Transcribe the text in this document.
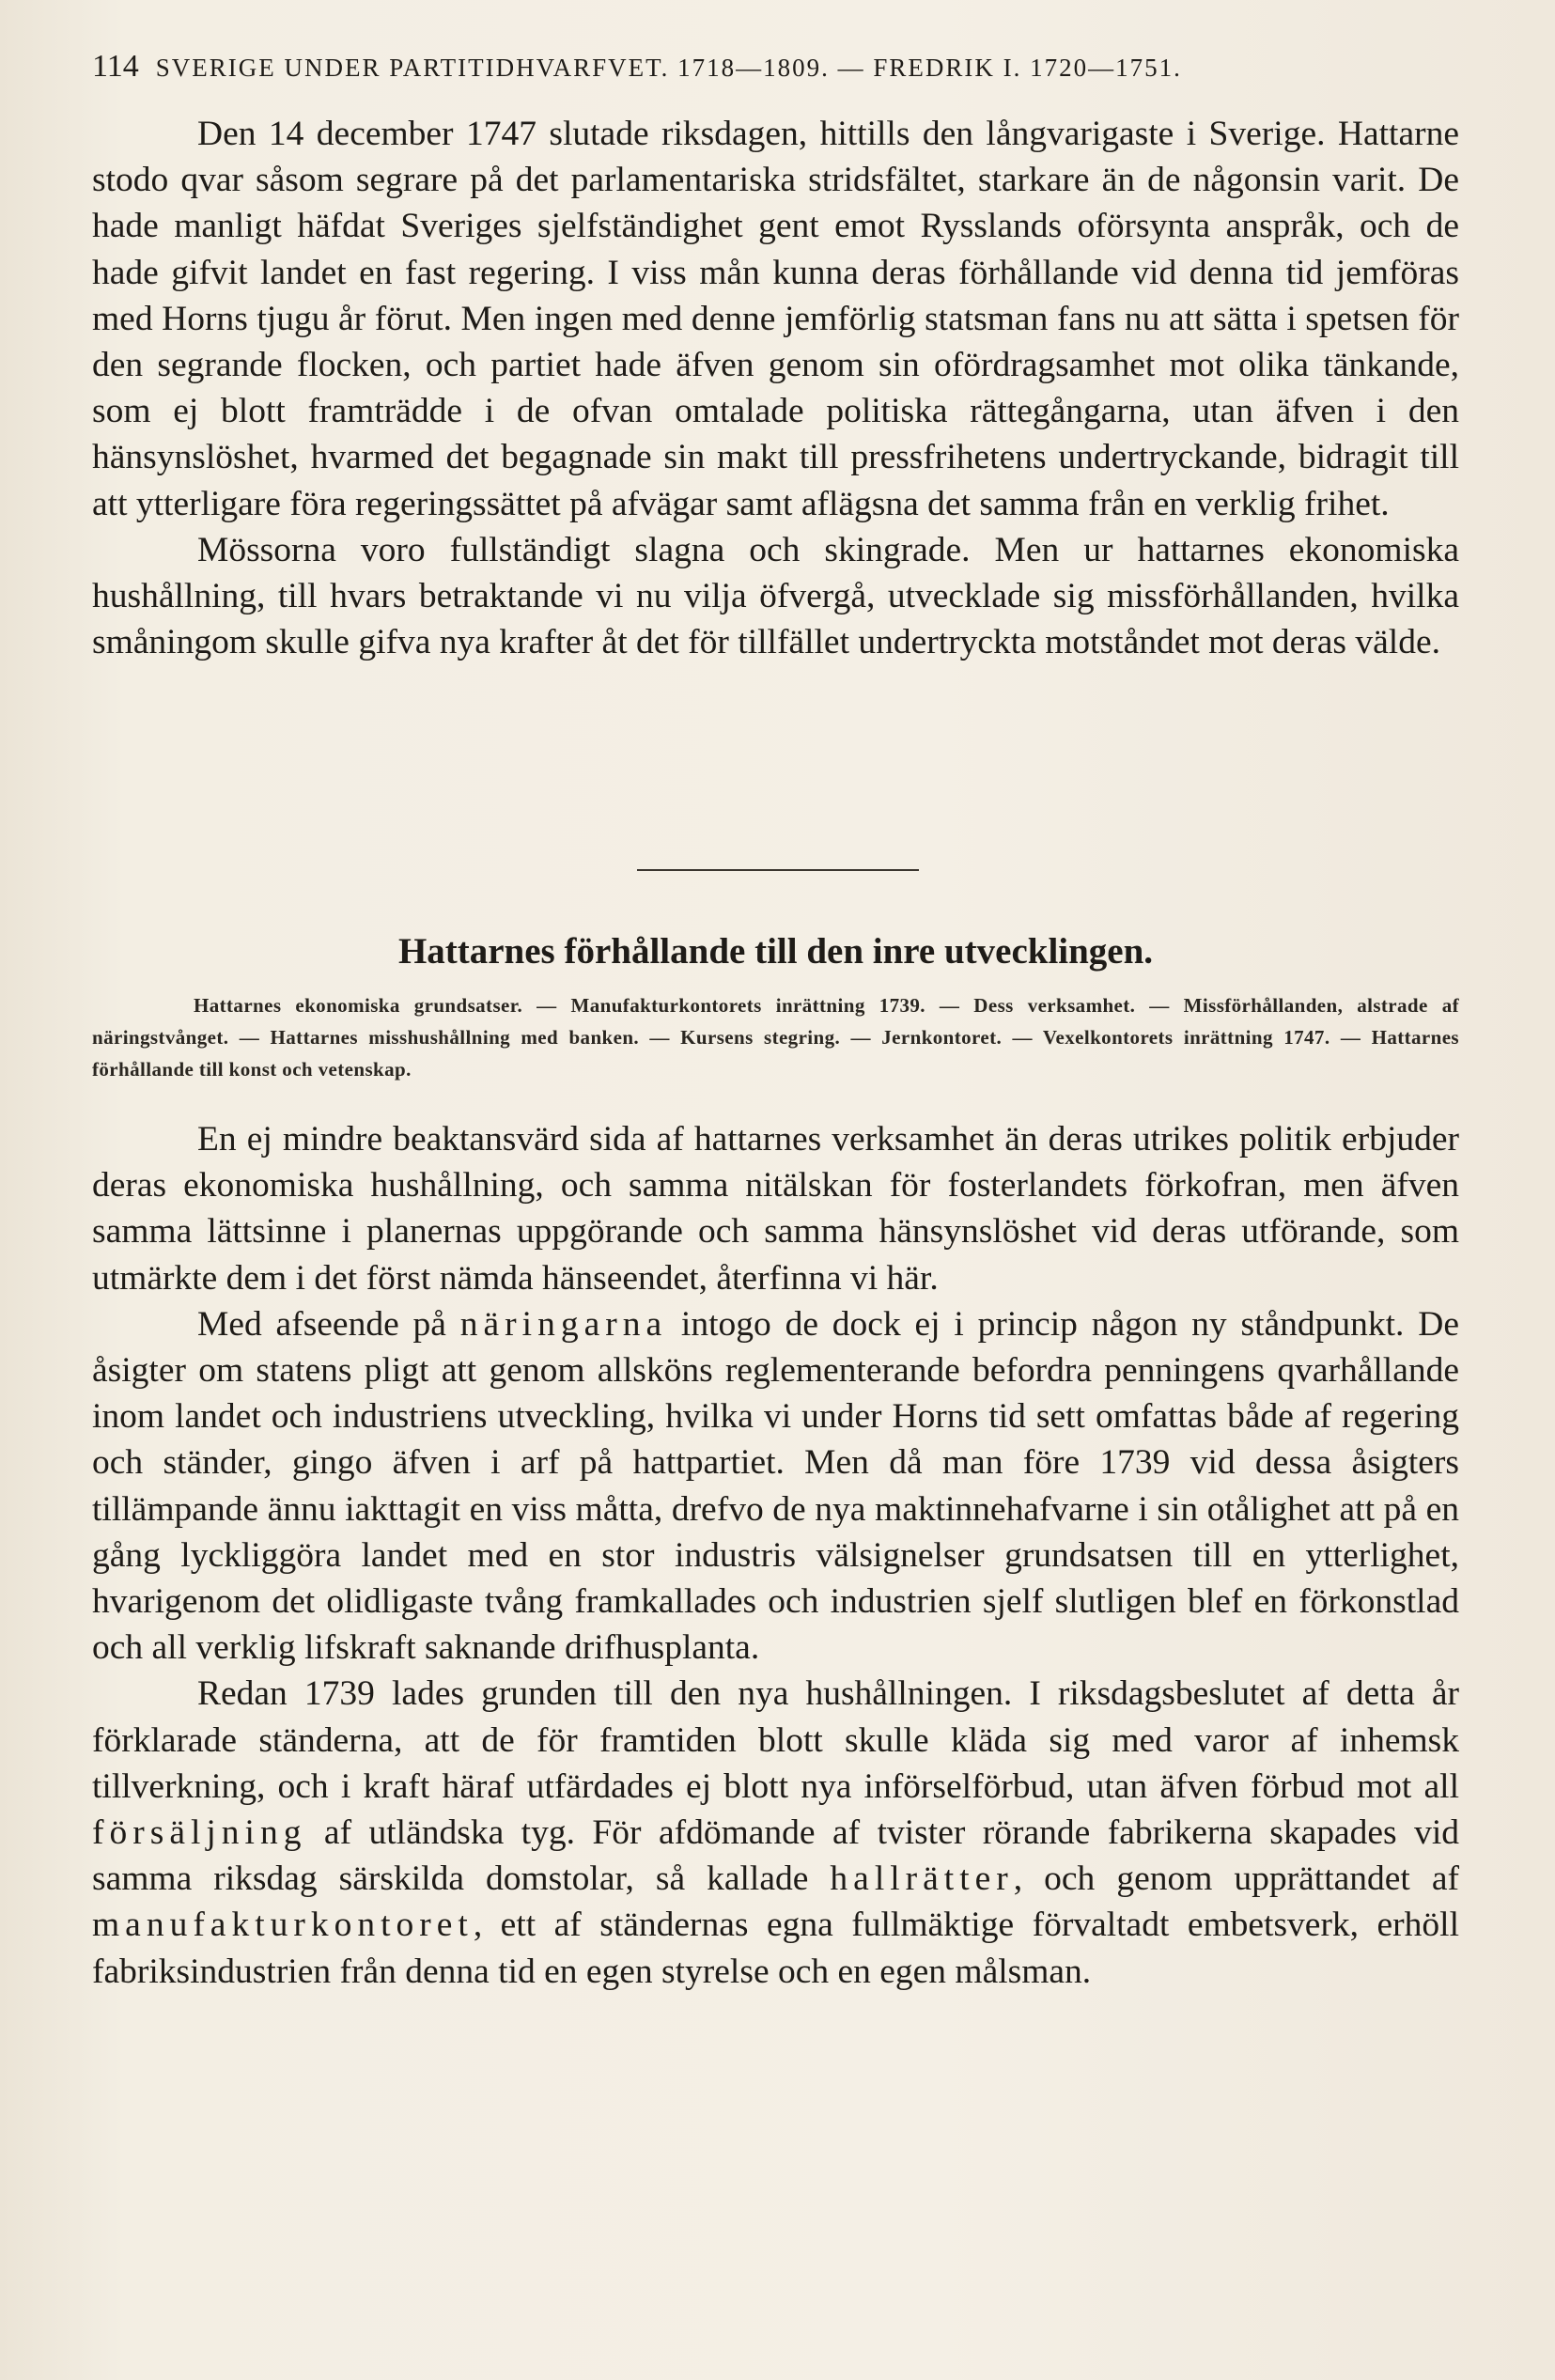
114 SVERIGE UNDER PARTITIDHVARFVET. 1718—1809. — FREDRIK I. 1720—1751.

Den 14 december 1747 slutade riksdagen, hittills den långvarigaste i Sverige. Hattarne stodo qvar såsom segrare på det parlamentariska stridsfältet, starkare än de någonsin varit. De hade manligt häfdat Sveriges sjelfständighet gent emot Rysslands oförsynta anspråk, och de hade gifvit landet en fast regering. I viss mån kunna deras förhållande vid denna tid jemföras med Horns tjugu år förut. Men ingen med denne jemförlig statsman fans nu att sätta i spetsen för den segrande flocken, och partiet hade äfven genom sin ofördragsamhet mot olika tänkande, som ej blott framträdde i de ofvan omtalade politiska rättegångarna, utan äfven i den hänsynslöshet, hvarmed det begagnade sin makt till pressfrihetens undertryckande, bidragit till att ytterligare föra regeringssättet på afvägar samt aflägsna det samma från en verklig frihet.

Mössorna voro fullständigt slagna och skingrade. Men ur hattarnes ekonomiska hushållning, till hvars betraktande vi nu vilja öfvergå, utvecklade sig missförhållanden, hvilka småningom skulle gifva nya krafter åt det för tillfället undertryckta motståndet mot deras välde.

Hattarnes förhållande till den inre utvecklingen.
Hattarnes ekonomiska grundsatser. — Manufakturkontorets inrättning 1739. — Dess verksamhet. — Missförhållanden, alstrade af näringstvånget. — Hattarnes misshushållning med banken. — Kursens stegring. — Jernkontoret. — Vexelkontorets inrättning 1747. — Hattarnes förhållande till konst och vetenskap.

En ej mindre beaktansvärd sida af hattarnes verksamhet än deras utrikes politik erbjuder deras ekonomiska hushållning, och samma nitälskan för fosterlandets förkofran, men äfven samma lättsinne i planernas uppgörande och samma hänsynslöshet vid deras utförande, som utmärkte dem i det först nämda hänseendet, återfinna vi här.

Med afseende på näringarna intogo de dock ej i princip någon ny ståndpunkt. De åsigter om statens pligt att genom allsköns reglementerande befordra penningens qvarhållande inom landet och industriens utveckling, hvilka vi under Horns tid sett omfattas både af regering och ständer, gingo äfven i arf på hattpartiet. Men då man före 1739 vid dessa åsigters tillämpande ännu iakttagit en viss måtta, drefvo de nya maktinnehafvarne i sin otålighet att på en gång lyckliggöra landet med en stor industris välsignelser grundsatsen till en ytterlighet, hvarigenom det olidligaste tvång framkallades och industrien sjelf slutligen blef en förkonstlad och all verklig lifskraft saknande drifhusplanta.

Redan 1739 lades grunden till den nya hushållningen. I riksdagsbeslutet af detta år förklarade ständerna, att de för framtiden blott skulle kläda sig med varor af inhemsk tillverkning, och i kraft häraf utfärdades ej blott nya införselförbud, utan äfven förbud mot all försäljning af utländska tyg. För afdömande af tvister rörande fabrikerna skapades vid samma riksdag särskilda domstolar, så kallade hallrätter, och genom upprättandet af manufakturkontoret, ett af ständernas egna fullmäktige förvaltadt embetsverk, erhöll fabriksindustrien från denna tid en egen styrelse och en egen målsman.
